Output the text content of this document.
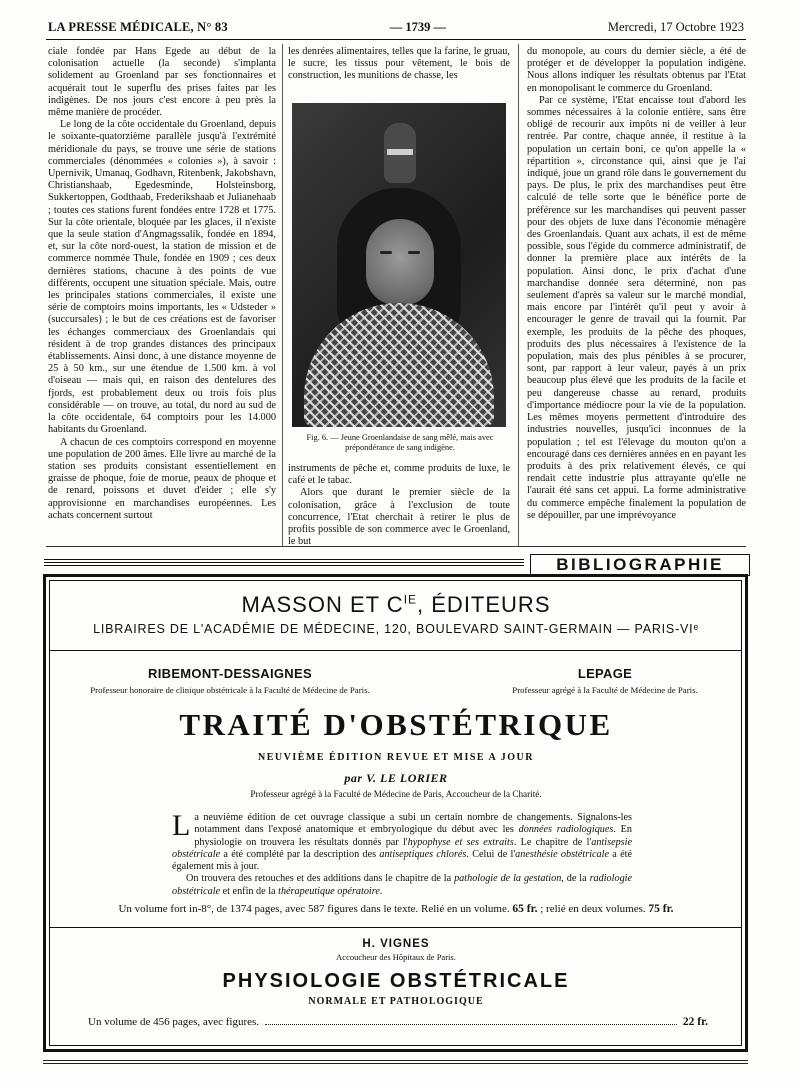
LA PRESSE MÉDICALE, N° 83	— 1739 —	Mercredi, 17 Octobre 1923

ciale fondée par Hans Egede au début de la colonisation actuelle (la seconde) s'implanta solidement au Groenland par ses fonctionnaires et acquérait tout le superflu des prises faites par les indigènes. De nos jours c'est encore à peu près la même manière de procéder.

Le long de la côte occidentale du Groenland, depuis le soixante-quatorzième parallèle jusqu'à l'extrémité méridionale du pays, se trouve une série de stations commerciales (dénommées « colonies »), à savoir : Upernivik, Umanaq, Godhavn, Ritenbenk, Jakobshavn, Christianshaab, Egedesminde, Holsteinsborg, Sukkertoppen, Godthaab, Frederikshaab et Julianehaab ; toutes ces stations furent fondées entre 1728 et 1775. Sur la côte orientale, bloquée par les glaces, il n'existe que la seule station d'Angmagssalik, fondée en 1894, et, sur la côte nord-ouest, la station de mission et de commerce nommée Thule, fondée en 1909 ; ces deux dernières stations, chacune à des points de vue différents, occupent une situation spéciale. Mais, outre les principales stations commerciales, il existe une série de comptoirs moins importants, les « Udsteder » (succursales) ; le but de ces créations est de favoriser les échanges commerciaux des Groenlandais qui résident à de trop grandes distances des principaux établissements. Ainsi donc, à une distance moyenne de 25 à 50 km., sur une étendue de 1.500 km. à vol d'oiseau — mais qui, en raison des dentelures des fjords, est probablement deux ou trois fois plus considérable — on trouve, au total, du nord au sud de la côte occidentale, 64 comptoirs pour les 14.000 habitants du Groenland.

A chacun de ces comptoirs correspond en moyenne une population de 200 âmes. Elle livre au marché de la station ses produits consistant essentiellement en graisse de phoque, foie de morue, peaux de phoque et de renard, poissons et duvet d'eider ; elle s'y approvisionne en marchandises européennes. Les achats concernent surtout

les denrées alimentaires, telles que la farine, le gruau, le sucre, les tissus pour vêtement, le bois de construction, les munitions de chasse, les

Fig. 6. — Jeune Groenlandaise de sang mêlé, mais avec prépondérance de sang indigène.

instruments de pêche et, comme produits de luxe, le café et le tabac.

Alors que durant le premier siècle de la colonisation, grâce à l'exclusion de toute concurrence, l'Etat cherchait à retirer le plus de profits possible de son commerce avec le Groenland, le but

du monopole, au cours du dernier siècle, a été de protéger et de développer la population indigène. Nous allons indiquer les résultats obtenus par l'Etat en monopolisant le commerce du Groenland.

Par ce système, l'Etat encaisse tout d'abord les sommes nécessaires à la colonie entière, sans être obligé de recourir aux impôts ni de veiller à leur rentrée. Par contre, chaque année, il restitue à la population un certain boni, ce qu'on appelle la « répartition », circonstance qui, ainsi que je l'ai indiqué, joue un grand rôle dans le gouvernement du pays. De plus, le prix des marchandises peut être calculé de telle sorte que le bénéfice porte de préférence sur les marchandises qui peuvent passer pour des objets de luxe dans l'économie ménagère des Groenlandais. Quant aux achats, il est de même possible, sous l'égide du commerce administratif, de donner la première place aux intérêts de la population. Ainsi donc, le prix d'achat d'une marchandise donnée sera déterminé, non pas seulement d'après sa valeur sur le marché mondial, mais encore par l'intérêt qu'il peut y avoir à encourager le genre de travail qui la fournit. Par exemple, les produits de la pêche des phoques, produits des plus nécessaires à l'existence de la population, mais des plus pénibles à se procurer, sont, par rapport à leur valeur, payés à un prix beaucoup plus élevé que les produits de la facile et peu dangereuse chasse au renard, produits d'importance médiocre pour la vie de la population. Les mêmes moyens permettent d'introduire des industries nouvelles, jusqu'ici inconnues de la population ; tel est l'élevage du mouton qu'on a encouragé dans ces dernières années en en payant les produits à des prix relativement élevés, ce qui rendait cette industrie plus attrayante qu'elle ne l'aurait été sans cet appui. La forme administrative du commerce empêche finalement la population de se dépouiller, par une imprévoyance

BIBLIOGRAPHIE
MASSON ET $C^{IE}$, ÉDITEURS
LIBRAIRES DE L'ACADÉMIE DE MÉDECINE, 120, BOULEVARD SAINT-GERMAIN — PARIS-VIᵉ
RIBEMONT-DESSAIGNES
Professeur honoraire de clinique obstétricale à la Faculté de Médecine de Paris.
LEPAGE
Professeur agrégé à la Faculté de Médecine de Paris.
TRAITÉ D'OBSTÉTRIQUE
NEUVIÈME ÉDITION REVUE ET MISE A JOUR
par V. LE LORIER
Professeur agrégé à la Faculté de Médecine de Paris, Accoucheur de la Charité.

La neuvième édition de cet ouvrage classique a subi un certain nombre de changements. Signalons-les notamment dans l'exposé anatomique et embryologique du début avec les données radiologiques. En physiologie on trouvera les résultats donnés par l'hypophyse et ses extraits. Le chapitre de l'antisepsie obstétricale a été complété par la description des antiseptiques chlorés. Celui de l'anesthésie obstétricale a été également mis à jour.

On trouvera des retouches et des additions dans le chapitre de la pathologie de la gestation, de la radiologie obstétricale et enfin de la thérapeutique opératoire.

Un volume fort in-8°, de 1374 pages, avec 587 figures dans le texte. Relié en un volume. 65 fr. ; relié en deux volumes. 75 fr.
H. VIGNES
Accoucheur des Hôpitaux de Paris.
PHYSIOLOGIE OBSTÉTRICALE
NORMALE ET PATHOLOGIQUE
Un volume de 456 pages, avec figures.	22 fr.
